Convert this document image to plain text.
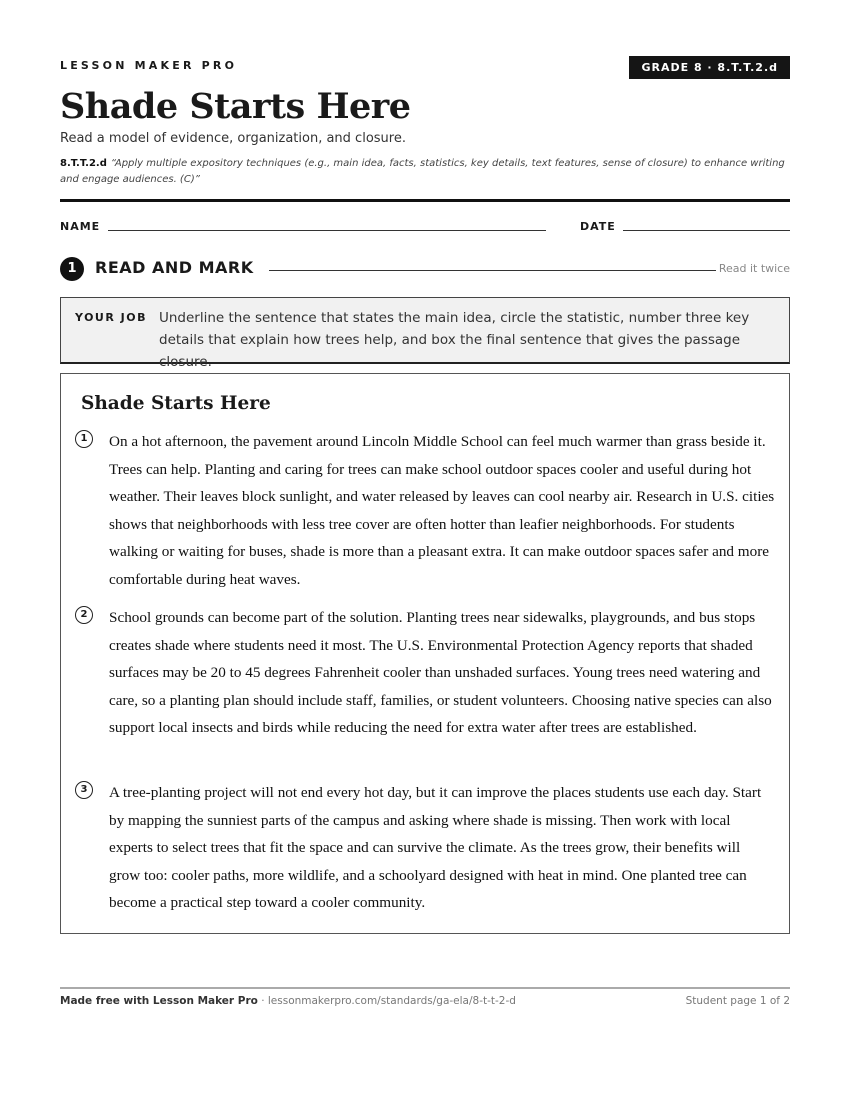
LESSON MAKER PRO	GRADE 8 · 8.T.T.2.d
Shade Starts Here
Read a model of evidence, organization, and closure.
8.T.T.2.d “Apply multiple expository techniques (e.g., main idea, facts, statistics, key details, text features, sense of closure) to enhance writing and engage audiences. (C)”
NAME	DATE
1	READ AND MARK	Read it twice
YOUR JOB Underline the sentence that states the main idea, circle the statistic, number three key details that explain how trees help, and box the final sentence that gives the passage closure.
Shade Starts Here
1	On a hot afternoon, the pavement around Lincoln Middle School can feel much warmer than grass beside it. Trees can help. Planting and caring for trees can make school outdoor spaces cooler and useful during hot weather. Their leaves block sunlight, and water released by leaves can cool nearby air. Research in U.S. cities shows that neighborhoods with less tree cover are often hotter than leafier neighborhoods. For students walking or waiting for buses, shade is more than a pleasant extra. It can make outdoor spaces safer and more comfortable during heat waves.

2	School grounds can become part of the solution. Planting trees near sidewalks, playgrounds, and bus stops creates shade where students need it most. The U.S. Environmental Protection Agency reports that shaded surfaces may be 20 to 45 degrees Fahrenheit cooler than unshaded surfaces. Young trees need watering and care, so a planting plan should include staff, families, or student volunteers. Choosing native species can also support local insects and birds while reducing the need for extra water after trees are established.

3	A tree-planting project will not end every hot day, but it can improve the places students use each day. Start by mapping the sunniest parts of the campus and asking where shade is missing. Then work with local experts to select trees that fit the space and can survive the climate. As the trees grow, their benefits will grow too: cooler paths, more wildlife, and a schoolyard designed with heat in mind. One planted tree can become a practical step toward a cooler community.

Made free with Lesson Maker Pro · lessonmakerpro.com/standards/ga-ela/8-t-t-2-d	Student page 1 of 2
